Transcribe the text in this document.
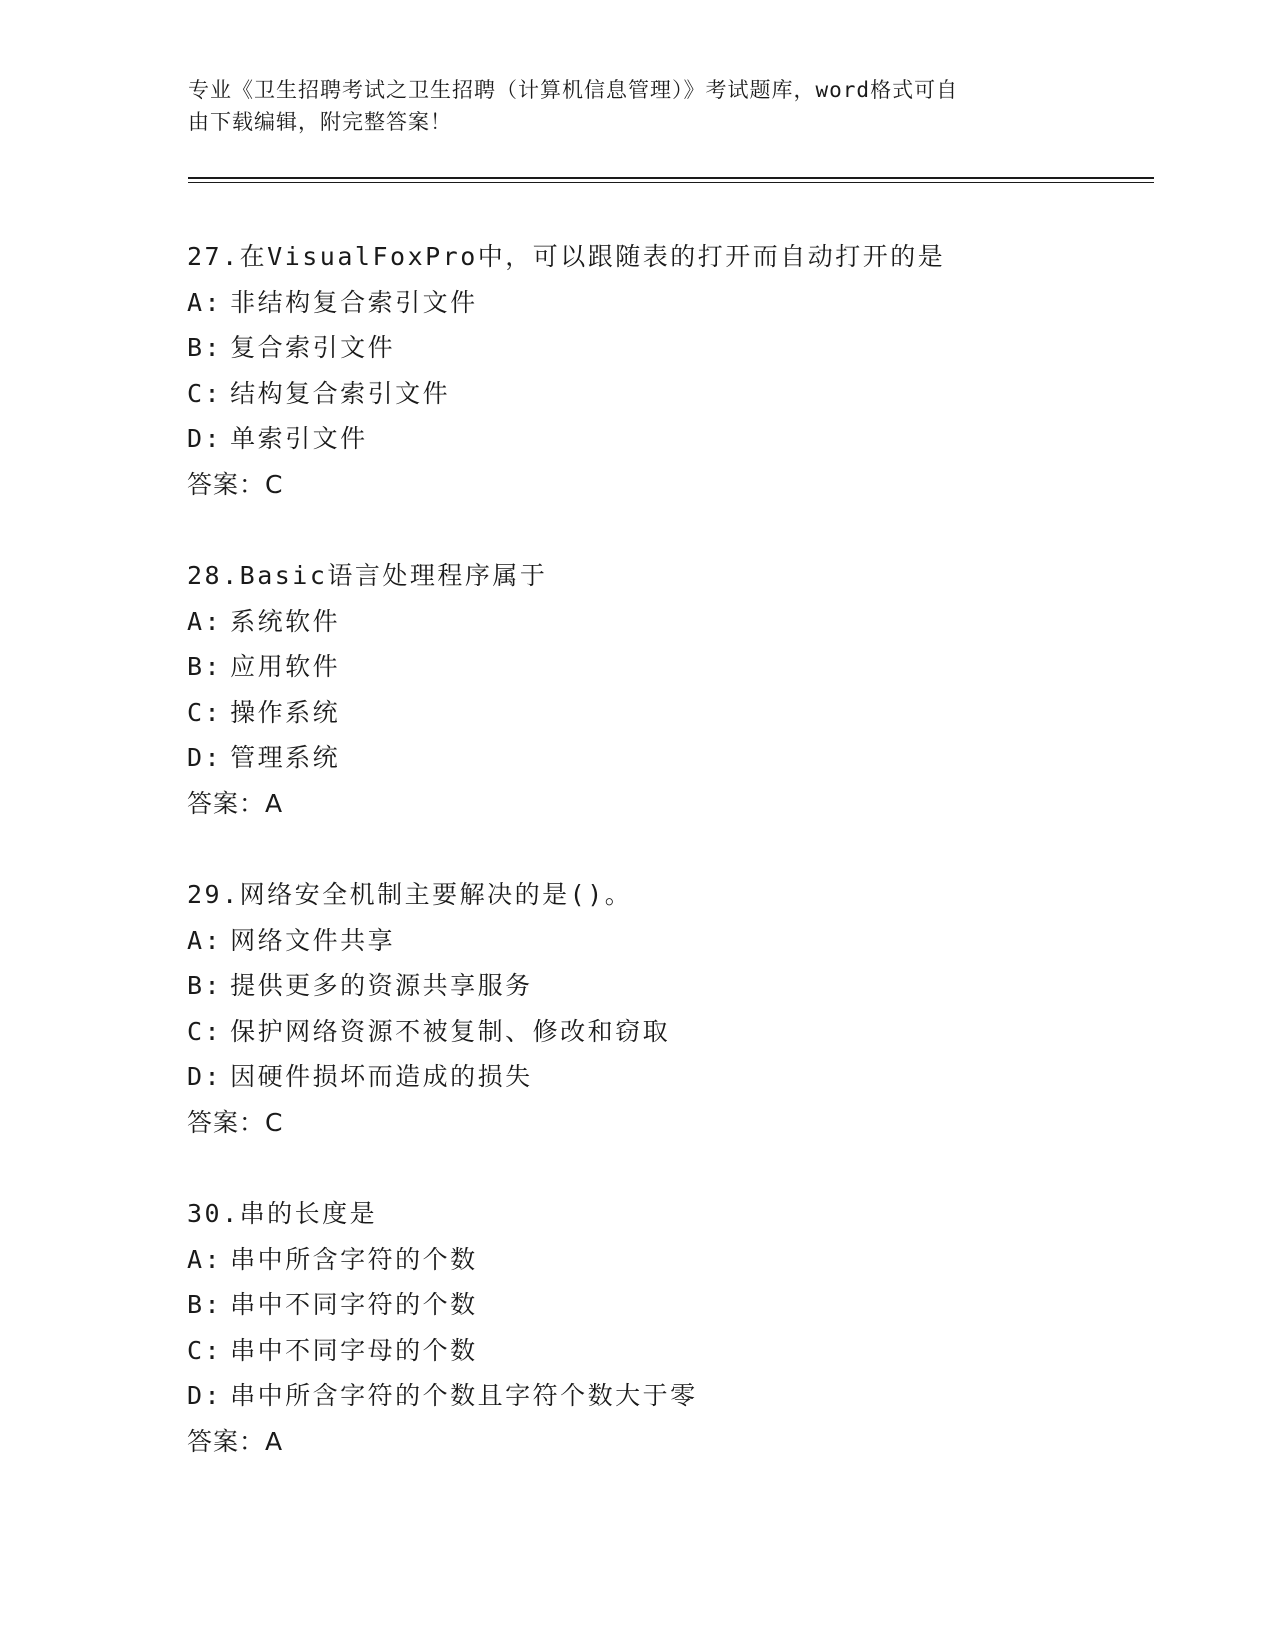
专业《卫生招聘考试之卫生招聘（计算机信息管理）》考试题库，word格式可自
由下载编辑，附完整答案！
27.在VisualFoxPro中，可以跟随表的打开而自动打开的是
A: 非结构复合索引文件
B: 复合索引文件
C: 结构复合索引文件
D: 单索引文件
答案：C
28.Basic语言处理程序属于
A: 系统软件
B: 应用软件
C: 操作系统
D: 管理系统
答案：A
29.网络安全机制主要解决的是()。
A: 网络文件共享
B: 提供更多的资源共享服务
C: 保护网络资源不被复制、修改和窃取
D: 因硬件损坏而造成的损失
答案：C
30.串的长度是
A: 串中所含字符的个数
B: 串中不同字符的个数
C: 串中不同字母的个数
D: 串中所含字符的个数且字符个数大于零
答案：A
